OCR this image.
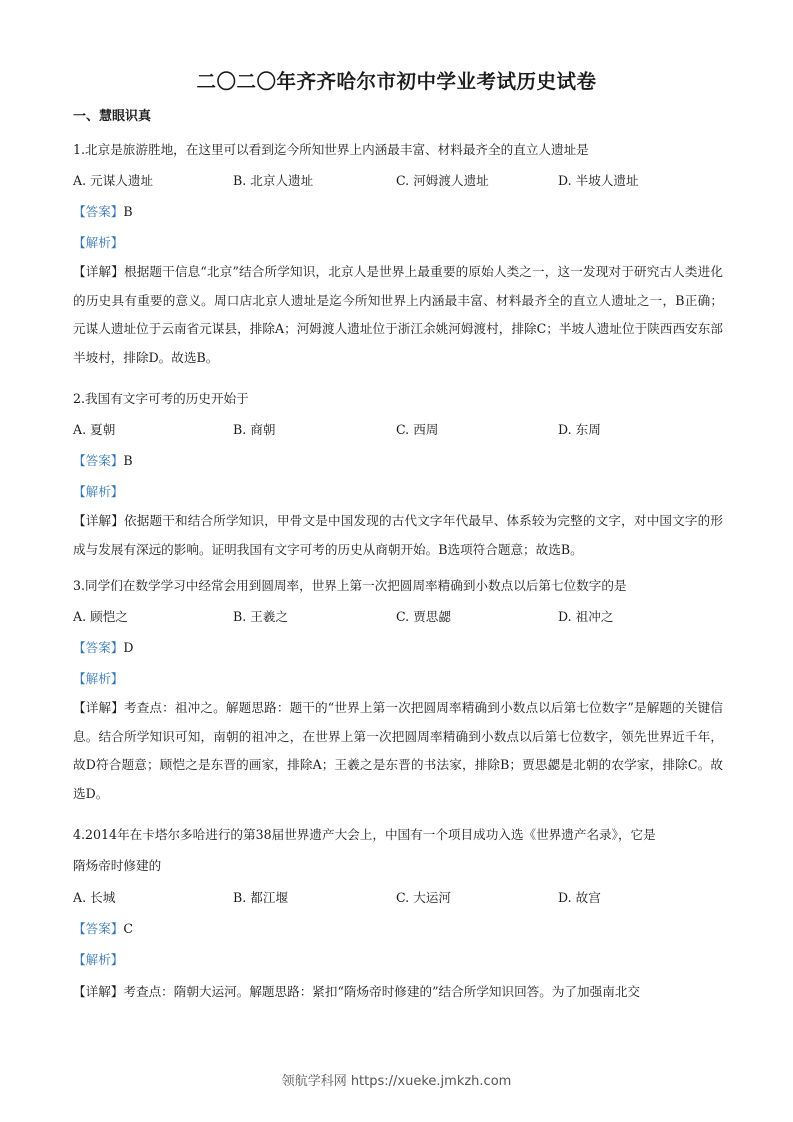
二〇二〇年齐齐哈尔市初中学业考试历史试卷
一、慧眼识真
1.北京是旅游胜地，在这里可以看到迄今所知世界上内涵最丰富、材料最齐全的直立人遗址是
A. 元谋人遗址	B. 北京人遗址	C. 河姆渡人遗址	D. 半坡人遗址
【答案】B
【解析】
【详解】根据题干信息“北京”结合所学知识，北京人是世界上最重要的原始人类之一，这一发现对于研究古人类进化的历史具有重要的意义。周口店北京人遗址是迄今所知世界上内涵最丰富、材料最齐全的直立人遗址之一，B正确；元谋人遗址位于云南省元谋县，排除A；河姆渡人遗址位于浙江余姚河姆渡村，排除C；半坡人遗址位于陕西西安东部半坡村，排除D。故选B。
2.我国有文字可考的历史开始于
A. 夏朝	B. 商朝	C. 西周	D. 东周
【答案】B
【解析】
【详解】依据题干和结合所学知识，甲骨文是中国发现的古代文字年代最早、体系较为完整的文字，对中国文字的形成与发展有深远的影响。证明我国有文字可考的历史从商朝开始。B选项符合题意；故选B。
3.同学们在数学学习中经常会用到圆周率，世界上第一次把圆周率精确到小数点以后第七位数字的是
A. 顾恺之	B. 王羲之	C. 贾思勰	D. 祖冲之
【答案】D
【解析】
【详解】考查点：祖冲之。解题思路：题干的“世界上第一次把圆周率精确到小数点以后第七位数字”是解题的关键信息。结合所学知识可知，南朝的祖冲之，在世界上第一次把圆周率精确到小数点以后第七位数字，领先世界近千年，故D符合题意；顾恺之是东晋的画家，排除A；王羲之是东晋的书法家，排除B；贾思勰是北朝的农学家，排除C。故选D。
4.2014年在卡塔尔多哈进行的第38届世界遗产大会上，中国有一个项目成功入选《世界遗产名录》，它是
隋炀帝时修建的
A. 长城	B. 都江堰	C. 大运河	D. 故宫
【答案】C
【解析】
【详解】考查点：隋朝大运河。解题思路：紧扣“隋炀帝时修建的”结合所学知识回答。为了加强南北交
领航学科网 https://xueke.jmkzh.com
